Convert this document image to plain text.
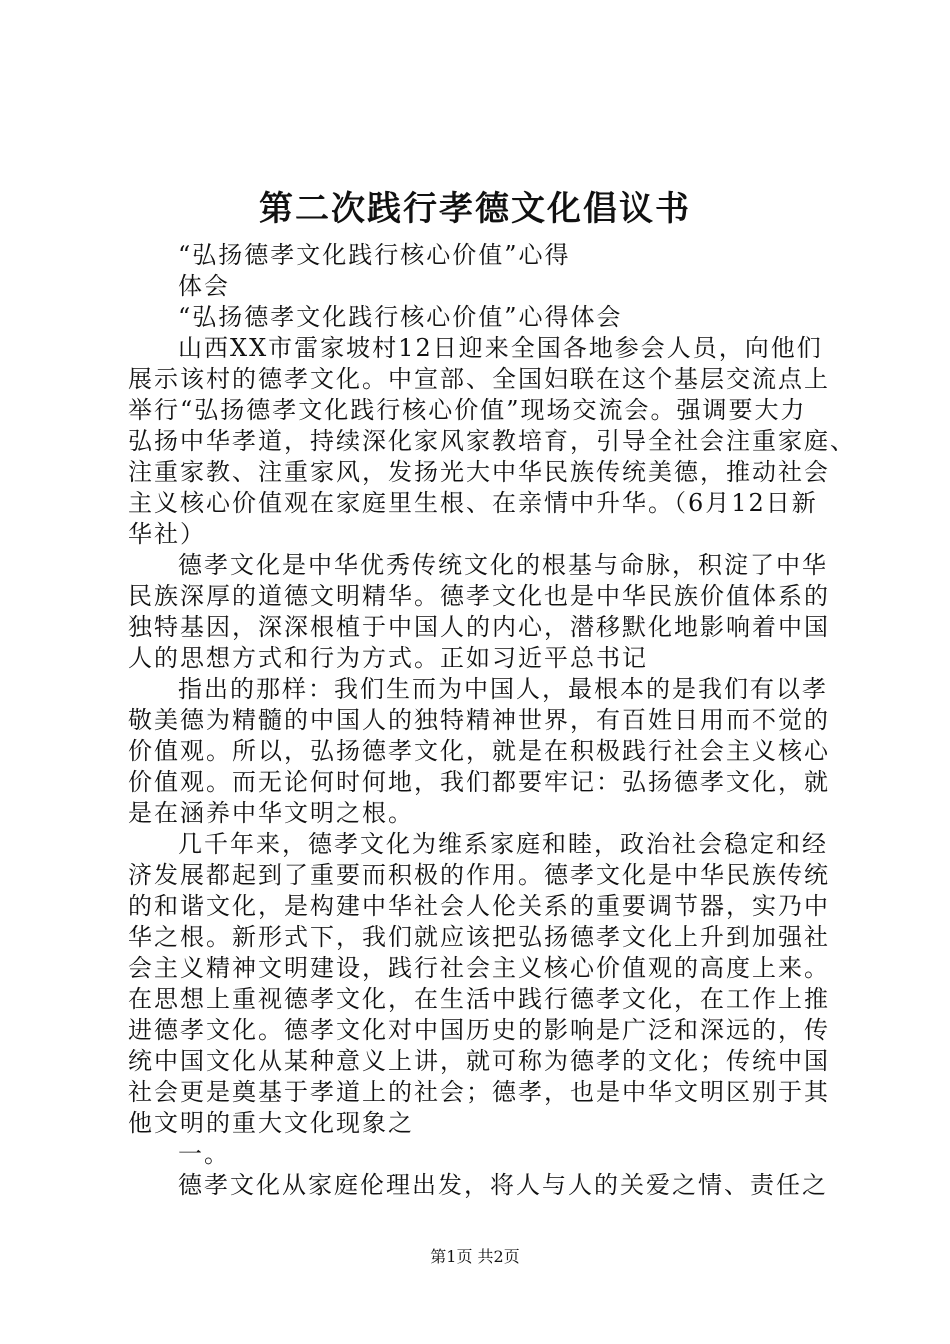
第二次践行孝德文化倡议书

“弘扬德孝文化践行核心价值”心得

体会

“弘扬德孝文化践行核心价值”心得体会

山西XX市雷家坡村12日迎来全国各地参会人员，向他们

展示该村的德孝文化。中宣部、全国妇联在这个基层交流点上

举行“弘扬德孝文化践行核心价值”现场交流会。强调要大力

弘扬中华孝道，持续深化家风家教培育，引导全社会注重家庭、

注重家教、注重家风，发扬光大中华民族传统美德，推动社会

主义核心价值观在家庭里生根、在亲情中升华。（6月12日新

华社）

德孝文化是中华优秀传统文化的根基与命脉，积淀了中华

民族深厚的道德文明精华。德孝文化也是中华民族价值体系的

独特基因，深深根植于中国人的内心，潜移默化地影响着中国

人的思想方式和行为方式。正如习近平总书记

指出的那样：我们生而为中国人，最根本的是我们有以孝

敬美德为精髓的中国人的独特精神世界，有百姓日用而不觉的

价值观。所以，弘扬德孝文化，就是在积极践行社会主义核心

价值观。而无论何时何地，我们都要牢记：弘扬德孝文化，就

是在涵养中华文明之根。

几千年来，德孝文化为维系家庭和睦，政治社会稳定和经

济发展都起到了重要而积极的作用。德孝文化是中华民族传统

的和谐文化，是构建中华社会人伦关系的重要调节器，实乃中

华之根。新形式下，我们就应该把弘扬德孝文化上升到加强社

会主义精神文明建设，践行社会主义核心价值观的高度上来。

在思想上重视德孝文化，在生活中践行德孝文化，在工作上推

进德孝文化。德孝文化对中国历史的影响是广泛和深远的，传

统中国文化从某种意义上讲，就可称为德孝的文化；传统中国

社会更是奠基于孝道上的社会；德孝，也是中华文明区别于其

他文明的重大文化现象之

一。

德孝文化从家庭伦理出发，将人与人的关爱之情、责任之

第1页 共2页
